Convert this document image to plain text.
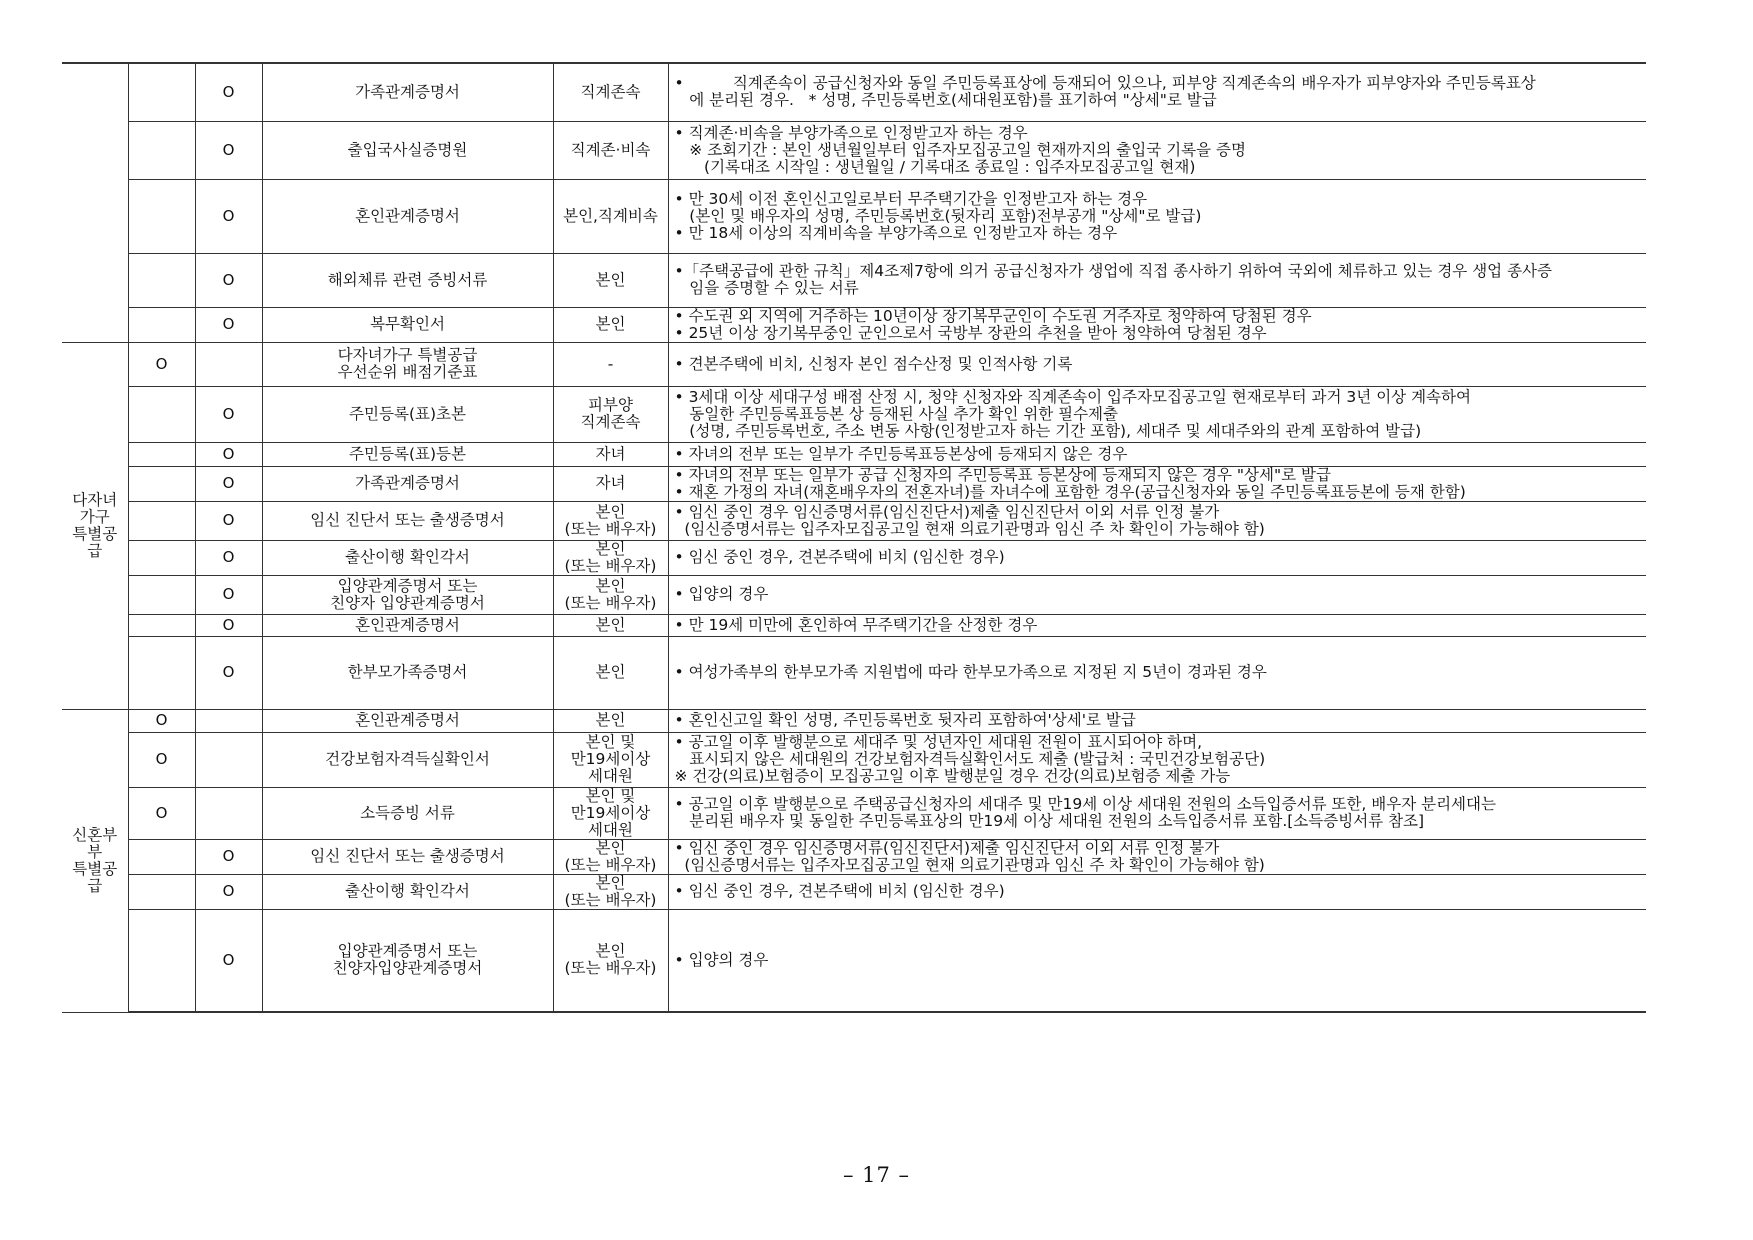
		O	가족관계증명서	직계존속	•          직계존속이 공급신청자와 동일 주민등록표상에 등재되어 있으나, 피부양 직계존속의 배우자가 피부양자와 주민등록표상
에 분리된 경우.   * 성명, 주민등록번호(세대원포함)를 표기하여 "상세"로 발급

		O	출입국사실증명원	직계존·비속	• 직계존·비속을 부양가족으로 인정받고자 하는 경우
※ 조회기간 : 본인 생년월일부터 입주자모집공고일 현재까지의 출입국 기록을 증명
(기록대조 시작일 : 생년월일 / 기록대조 종료일 : 입주자모집공고일 현재)

		O	혼인관계증명서	본인,직계비속	• 만 30세 이전 혼인신고일로부터 무주택기간을 인정받고자 하는 경우
(본인 및 배우자의 성명, 주민등록번호(뒷자리 포함)전부공개 "상세"로 발급)
• 만 18세 이상의 직계비속을 부양가족으로 인정받고자 하는 경우

		O	해외체류 관련 증빙서류	본인	•「주택공급에 관한 규칙」제4조제7항에 의거 공급신청자가 생업에 직접 종사하기 위하여 국외에 체류하고 있는 경우 생업 종사증
임을 증명할 수 있는 서류

		O	복무확인서	본인	• 수도권 외 지역에 거주하는 10년이상 장기복무군인이 수도권 거주자로 청약하여 당첨된 경우
• 25년 이상 장기복무중인 군인으로서 국방부 장관의 추천을 받아 청약하여 당첨된 경우

다자녀
가구
특별공급	O		다자녀가구 특별공급
우선순위 배점기준표	-	• 견본주택에 비치, 신청자 본인 점수산정 및 인적사항 기록

		O	주민등록(표)초본	피부양
직계존속	• 3세대 이상 세대구성 배점 산정 시, 청약 신청자와 직계존속이 입주자모집공고일 현재로부터 과거 3년 이상 계속하여
동일한 주민등록표등본 상 등재된 사실 추가 확인 위한 필수제출
(성명, 주민등록번호, 주소 변동 사항(인정받고자 하는 기간 포함), 세대주 및 세대주와의 관계 포함하여 발급)

		O	주민등록(표)등본	자녀	• 자녀의 전부 또는 일부가 주민등록표등본상에 등재되지 않은 경우

		O	가족관계증명서	자녀	• 자녀의 전부 또는 일부가 공급 신청자의 주민등록표 등본상에 등재되지 않은 경우 "상세"로 발급
• 재혼 가정의 자녀(재혼배우자의 전혼자녀)를 자녀수에 포함한 경우(공급신청자와 동일 주민등록표등본에 등재 한함)

		O	임신 진단서 또는 출생증명서	본인
(또는 배우자)	• 임신 중인 경우 임신증명서류(임신진단서)제출 임신진단서 이외 서류 인정 불가
(임신증명서류는 입주자모집공고일 현재 의료기관명과 임신 주 차 확인이 가능해야 함)

		O	출산이행 확인각서	본인
(또는 배우자)	• 임신 중인 경우, 견본주택에 비치 (임신한 경우)

		O	입양관계증명서 또는
친양자 입양관계증명서	본인
(또는 배우자)	• 입양의 경우

		O	혼인관계증명서	본인	• 만 19세 미만에 혼인하여 무주택기간을 산정한 경우

		O	한부모가족증명서	본인	• 여성가족부의 한부모가족 지원법에 따라 한부모가족으로 지정된 지 5년이 경과된 경우

신혼부부
특별공급	O		혼인관계증명서	본인	• 혼인신고일 확인 성명, 주민등록번호 뒷자리 포함하여'상세'로 발급

	O		건강보험자격득실확인서	본인 및
만19세이상
세대원	• 공고일 이후 발행분으로 세대주 및 성년자인 세대원 전원이 표시되어야 하며,
표시되지 않은 세대원의 건강보험자격득실확인서도 제출 (발급처 : 국민건강보험공단)
※ 건강(의료)보험증이 모집공고일 이후 발행분일 경우 건강(의료)보험증 제출 가능

	O		소득증빙 서류	본인 및
만19세이상
세대원	• 공고일 이후 발행분으로 주택공급신청자의 세대주 및 만19세 이상 세대원 전원의 소득입증서류 또한, 배우자 분리세대는
분리된 배우자 및 동일한 주민등록표상의 만19세 이상 세대원 전원의 소득입증서류 포함.[소득증빙서류 참조]

		O	임신 진단서 또는 출생증명서	본인
(또는 배우자)	• 임신 중인 경우 임신증명서류(임신진단서)제출 임신진단서 이외 서류 인정 불가
(임신증명서류는 입주자모집공고일 현재 의료기관명과 임신 주 차 확인이 가능해야 함)

		O	출산이행 확인각서	본인
(또는 배우자)	• 임신 중인 경우, 견본주택에 비치 (임신한 경우)

		O	입양관계증명서 또는
친양자입양관계증명서	본인
(또는 배우자)	• 입양의 경우
– 17 –
